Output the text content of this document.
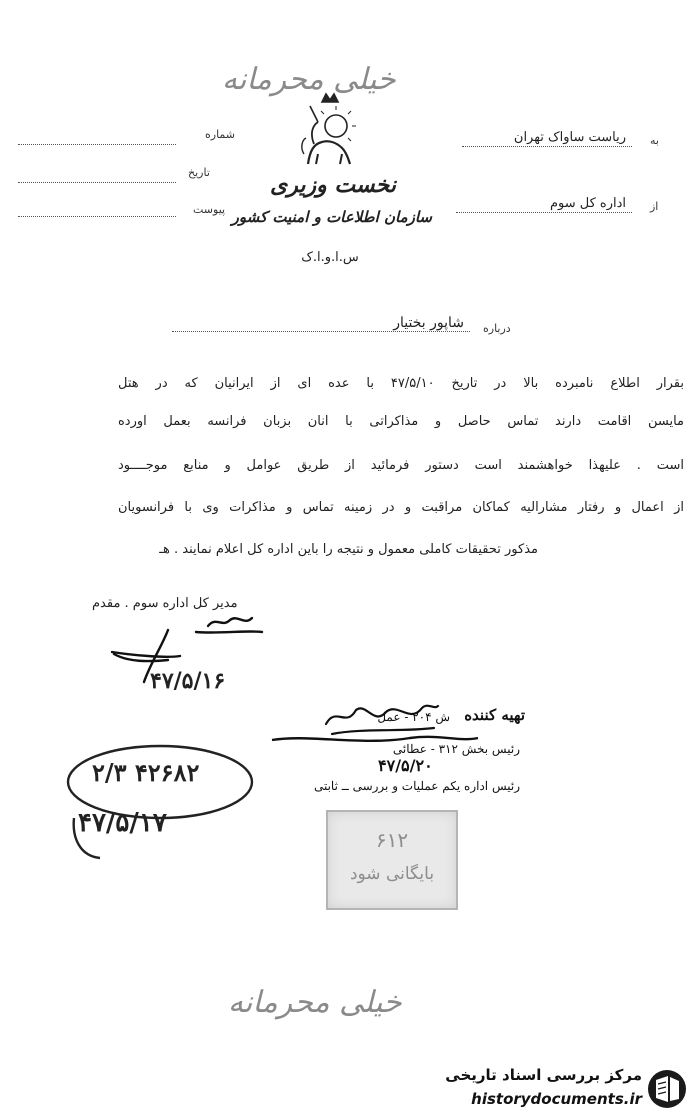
خیلی محرمانه
نخست وزیری
سازمان اطلاعات و امنیت کشور
س.ا.و.ا.ک
شماره
تاریخ
پیوست
ریاست ساواک تهران به
اداره کل سوم از
شاپور بختیار درباره
بقرار اطلاع نامبرده بالا در تاریخ ۴۷/۵/۱۰ با عده ای از ایرانیان که در هتل
مایسن اقامت دارند تماس حاصل و مذاکراتی با آنان بزبان فرانسه بعمل آورده
است . علیهذا خواهشمند است دستور فرمائید از طریق عوامل و منابع موجــــود
از اعمال و رفتار مشارالیه کماکان مراقبت و در زمینه تماس و مذاکرات وی با فرانسویان
مذکور تحقیقات کاملی معمول و نتیجه را باین اداره کل اعلام نمایند . هـ
مدیر کل اداره سوم . مقدم
۴۷/۵/۱۶
۲/۳ ۴۲۶۸۲
۴۷/۵/۱۷
تهیه کننده
ش ۲۰۴ - عمل
رئیس بخش ۳۱۲ - عطائی
۴۷/۵/۲۰
رئیس اداره یکم عملیات و بررسی ــ ثابتی
۶۱۲
بایگانی شود
خیلی محرمانه
مرکز بررسی اسناد تاریخی
historydocuments.ir
